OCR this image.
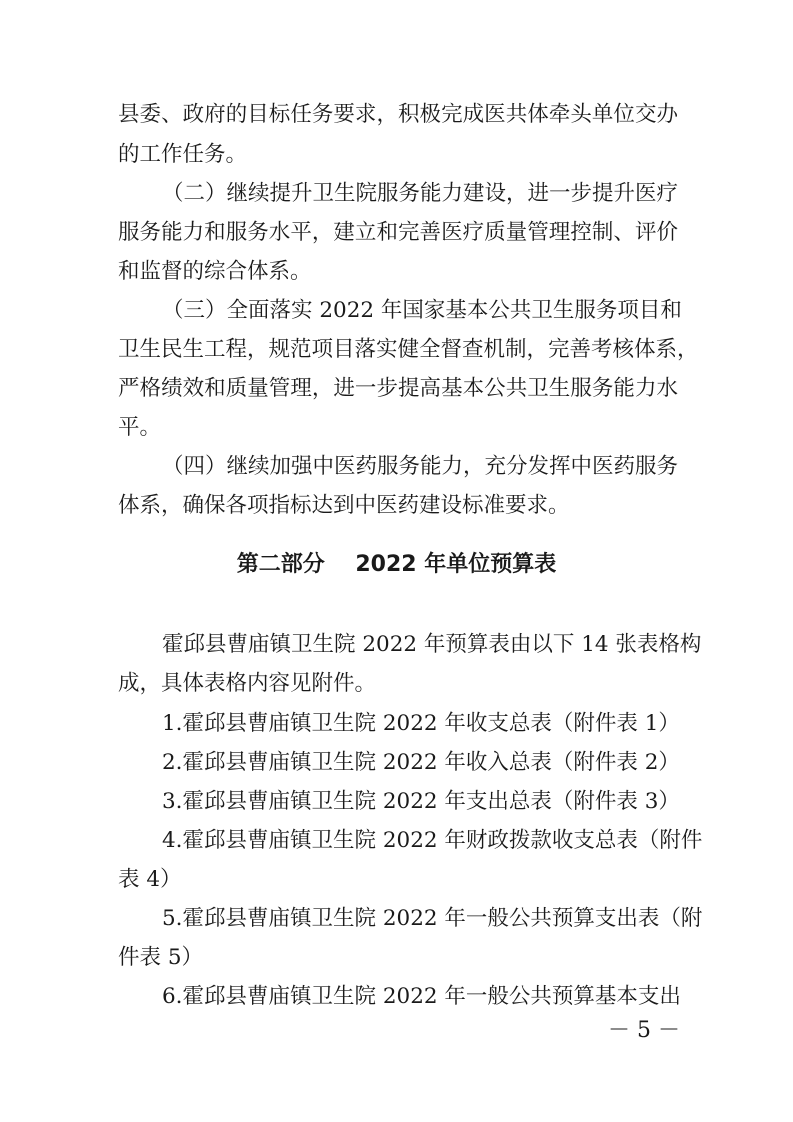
县委、政府的目标任务要求，积极完成医共体牵头单位交办
的工作任务。
（二）继续提升卫生院服务能力建设，进一步提升医疗
服务能力和服务水平，建立和完善医疗质量管理控制、评价
和监督的综合体系。
（三）全面落实 2022 年国家基本公共卫生服务项目和
卫生民生工程，规范项目落实健全督查机制，完善考核体系，
严格绩效和质量管理，进一步提高基本公共卫生服务能力水
平。
（四）继续加强中医药服务能力，充分发挥中医药服务
体系，确保各项指标达到中医药建设标准要求。
第二部分    2022 年单位预算表
霍邱县曹庙镇卫生院 2022 年预算表由以下 14 张表格构
成，具体表格内容见附件。
1.霍邱县曹庙镇卫生院 2022 年收支总表（附件表 1）
2.霍邱县曹庙镇卫生院 2022 年收入总表（附件表 2）
3.霍邱县曹庙镇卫生院 2022 年支出总表（附件表 3）
4.霍邱县曹庙镇卫生院 2022 年财政拨款收支总表（附件
表 4）
5.霍邱县曹庙镇卫生院 2022 年一般公共预算支出表（附
件表 5）
6.霍邱县曹庙镇卫生院 2022 年一般公共预算基本支出
－ 5 －
